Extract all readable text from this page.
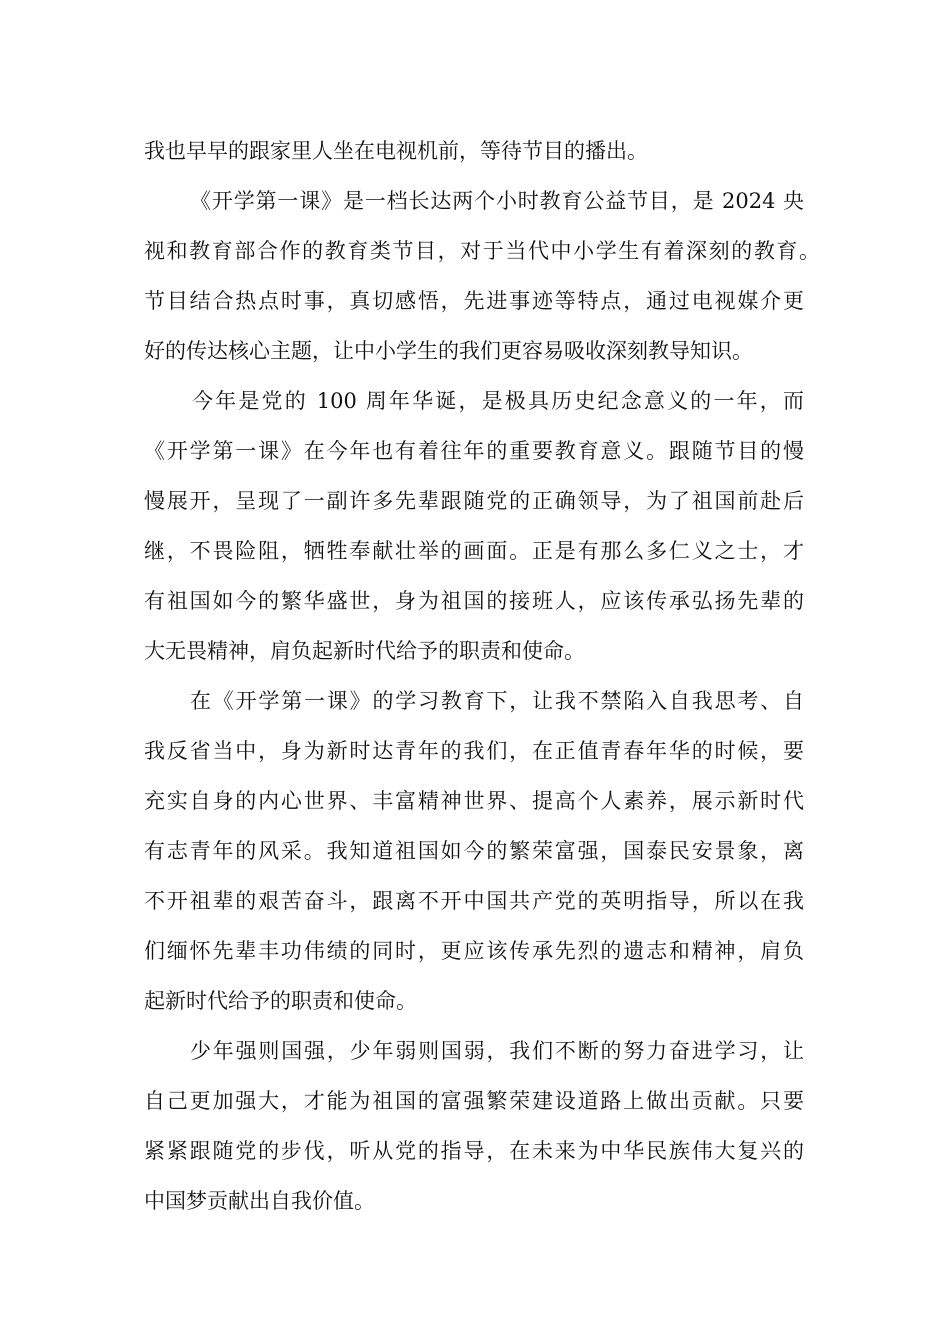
我也早早的跟家里人坐在电视机前，等待节目的播出。
《开学第一课》是一档长达两个小时教育公益节目，是 2024 央
视和教育部合作的教育类节目，对于当代中小学生有着深刻的教育。
节目结合热点时事，真切感悟，先进事迹等特点，通过电视媒介更
好的传达核心主题，让中小学生的我们更容易吸收深刻教导知识。
今年是党的 100 周年华诞，是极具历史纪念意义的一年，而
《开学第一课》在今年也有着往年的重要教育意义。跟随节目的慢
慢展开，呈现了一副许多先辈跟随党的正确领导，为了祖国前赴后
继，不畏险阻，牺牲奉献壮举的画面。正是有那么多仁义之士，才
有祖国如今的繁华盛世，身为祖国的接班人，应该传承弘扬先辈的
大无畏精神，肩负起新时代给予的职责和使命。
在《开学第一课》的学习教育下，让我不禁陷入自我思考、自
我反省当中，身为新时达青年的我们，在正值青春年华的时候，要
充实自身的内心世界、丰富精神世界、提高个人素养，展示新时代
有志青年的风采。我知道祖国如今的繁荣富强，国泰民安景象，离
不开祖辈的艰苦奋斗，跟离不开中国共产党的英明指导，所以在我
们缅怀先辈丰功伟绩的同时，更应该传承先烈的遗志和精神，肩负
起新时代给予的职责和使命。
少年强则国强，少年弱则国弱，我们不断的努力奋进学习，让
自己更加强大，才能为祖国的富强繁荣建设道路上做出贡献。只要
紧紧跟随党的步伐，听从党的指导，在未来为中华民族伟大复兴的
中国梦贡献出自我价值。
